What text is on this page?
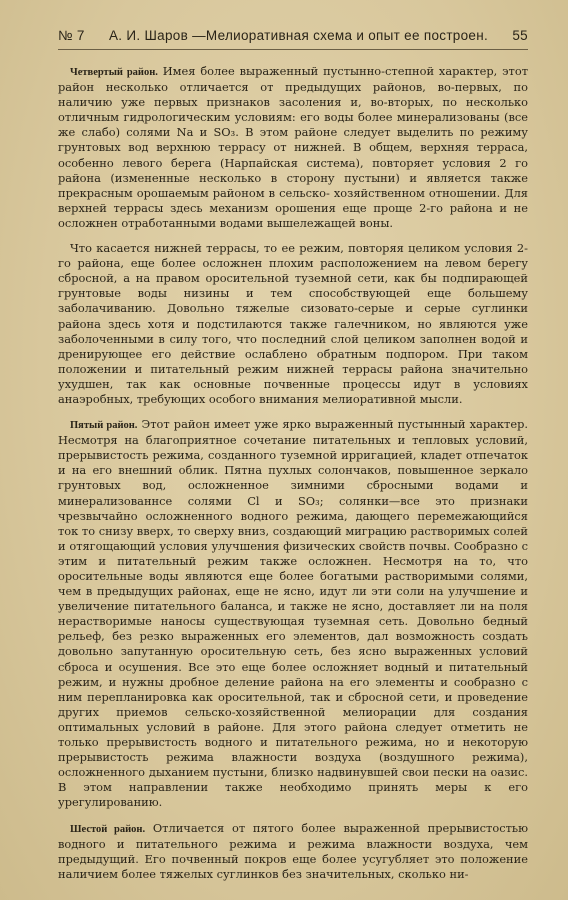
№ 7 А. И. Шаров —Мелиоративная схема и опыт ее построен. 55

Четвертый район. Имея более выраженный пустынно-степной характер, этот район несколько отличается от предыдущих районов, во-первых, по наличию уже первых признаков засоления и, во-вторых, по несколько отличным гидрологическим условиям: его воды более минерализованы (все же слабо) солями Na и SO₃. В этом районе следует выделить по режиму грунтовых вод верхнюю террасу от нижней. В общем, верхняя терраса, особенно левого берега (Нарпайская система), повторяет условия 2 го района (измененные несколько в сторону пустыни) и является также прекрасным орошаемым районом в сельско- хозяйственном отношении. Для верхней террасы здесь механизм орошения еще проще 2-го района и не осложнен отработанными водами вышележащей воны.

Что касается нижней террасы, то ее режим, повторяя целиком условия 2-го района, еще более осложнен плохим расположением на левом берегу сбросной, а на правом оросительной туземной сети, как бы подпирающей грунтовые воды низины и тем способствующей еще большему заболачиванию. Довольно тяжелые сизовато-серые и серые суглинки района здесь хотя и подстилаются также галечником, но являются уже заболоченными в силу того, что последний слой целиком заполнен водой и дренирующее его действие ослаблено обратным подпором. При таком положении и питательный режим нижней террасы района значительно ухудшен, так как основные почвенные процессы идут в условиях анаэробных, требующих особого внимания мелиоративной мысли.

Пятый район. Этот район имеет уже ярко выраженный пустынный характер. Несмотря на благоприятное сочетание питательных и тепловых условий, прерывистость режима, созданного туземной ирригацией, кладет отпечаток и на его внешний облик. Пятна пухлых солончаков, повышенное зеркало грунтовых вод, осложненное зимними сбросными водами и минерализованнсе солями Cl и SO₃; солянки—все это признаки чрезвычайно осложненного водного режима, дающего перемежающийся ток то снизу вверх, то сверху вниз, создающий миграцию растворимых солей и отягощающий условия улучшения физических свойств почвы. Сообразно с этим и питательный режим также осложнен. Несмотря на то, что оросительные воды являются еще более богатыми растворимыми солями, чем в предыдущих районах, еще не ясно, идут ли эти соли на улучшение и увеличение питательного баланса, и также не ясно, доставляет ли на поля нерастворимые наносы существующая туземная сеть. Довольно бедный рельеф, без резко выраженных его элементов, дал возможность создать довольно запутанную оросительную сеть, без ясно выраженных условий сброса и осушения. Все это еще более осложняет водный и питательный режим, и нужны дробное деление района на его элементы и сообразно с ним перепланировка как оросительной, так и сбросной сети, и проведение других приемов сельско-хозяйственной мелиорации для создания оптимальных условий в районе. Для этого района следует отметить не только прерывистость водного и питательного режима, но и некоторую прерывистость режима влажности воздуха (воздушного режима), осложненного дыханием пустыни, близко надвинувшей свои пески на оазис. В этом направлении также необходимо принять меры к его урегулированию.

Шестой район. Отличается от пятого более выраженной прерывистостью водного и питательного режима и режима влажности воздуха, чем предыдущий. Его почвенный покров еще более усугубляет это положение наличием более тяжелых суглинков без значительных, сколько ни-
